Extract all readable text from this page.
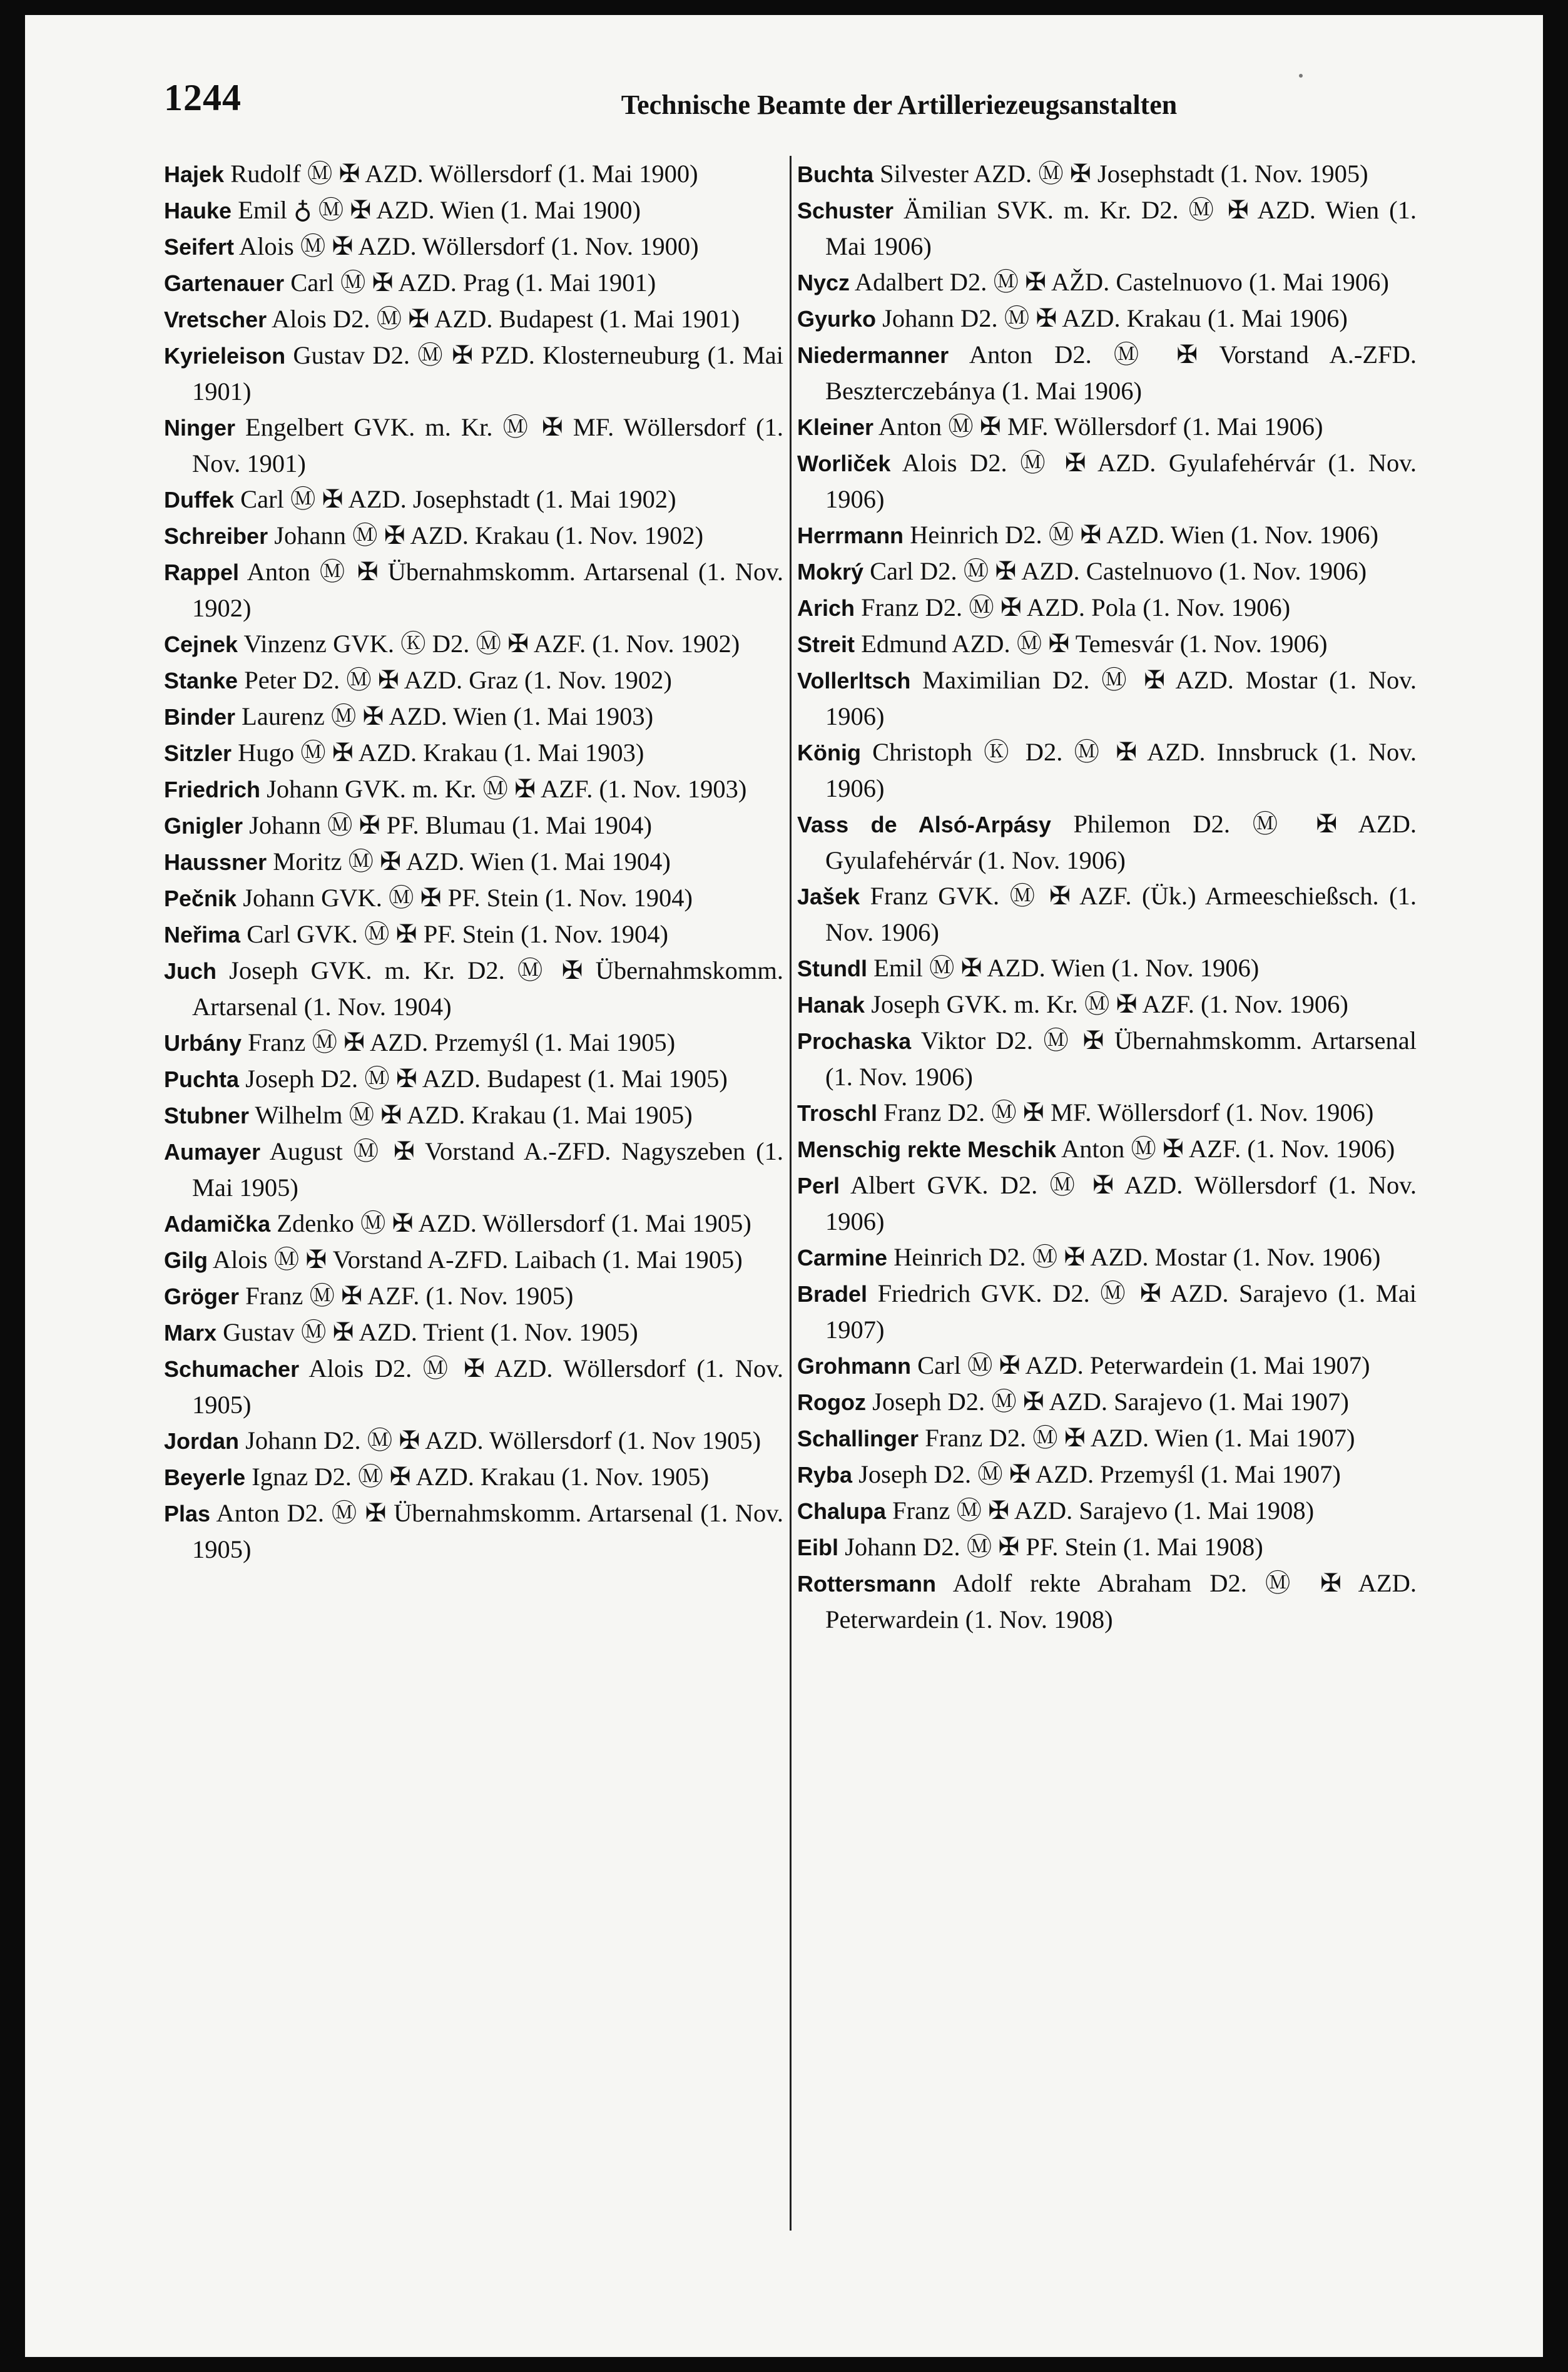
1244	Technische Beamte der Artilleriezeugsanstalten
Hajek Rudolf Ⓜ ✠ AZD. Wöllersdorf (1. Mai 1900)
Hauke Emil ♁ Ⓜ ✠ AZD. Wien (1. Mai 1900)
Seifert Alois Ⓜ ✠ AZD. Wöllersdorf (1. Nov. 1900)
Gartenauer Carl Ⓜ ✠ AZD. Prag (1. Mai 1901)
Vretscher Alois D2. Ⓜ ✠ AZD. Budapest (1. Mai 1901)
Kyrieleison Gustav D2. Ⓜ ✠ PZD. Klosterneuburg (1. Mai 1901)
Ninger Engelbert GVK. m. Kr. Ⓜ ✠ MF. Wöllersdorf (1. Nov. 1901)
Duffek Carl Ⓜ ✠ AZD. Josephstadt (1. Mai 1902)
Schreiber Johann Ⓜ ✠ AZD. Krakau (1. Nov. 1902)
Rappel Anton Ⓜ ✠ Übernahmskomm. Artarsenal (1. Nov. 1902)
Cejnek Vinzenz GVK. Ⓚ D2. Ⓜ ✠ AZF. (1. Nov. 1902)
Stanke Peter D2. Ⓜ ✠ AZD. Graz (1. Nov. 1902)
Binder Laurenz Ⓜ ✠ AZD. Wien (1. Mai 1903)
Sitzler Hugo Ⓜ ✠ AZD. Krakau (1. Mai 1903)
Friedrich Johann GVK. m. Kr. Ⓜ ✠ AZF. (1. Nov. 1903)
Gnigler Johann Ⓜ ✠ PF. Blumau (1. Mai 1904)
Haussner Moritz Ⓜ ✠ AZD. Wien (1. Mai 1904)
Pečnik Johann GVK. Ⓜ ✠ PF. Stein (1. Nov. 1904)
Neřima Carl GVK. Ⓜ ✠ PF. Stein (1. Nov. 1904)
Juch Joseph GVK. m. Kr. D2. Ⓜ ✠ Übernahmskomm. Artarsenal (1. Nov. 1904)
Urbány Franz Ⓜ ✠ AZD. Przemyśl (1. Mai 1905)
Puchta Joseph D2. Ⓜ ✠ AZD. Budapest (1. Mai 1905)
Stubner Wilhelm Ⓜ ✠ AZD. Krakau (1. Mai 1905)
Aumayer August Ⓜ ✠ Vorstand A.-ZFD. Nagyszeben (1. Mai 1905)
Adamička Zdenko Ⓜ ✠ AZD. Wöllersdorf (1. Mai 1905)
Gilg Alois Ⓜ ✠ Vorstand A-ZFD. Laibach (1. Mai 1905)
Gröger Franz Ⓜ ✠ AZF. (1. Nov. 1905)
Marx Gustav Ⓜ ✠ AZD. Trient (1. Nov. 1905)
Schumacher Alois D2. Ⓜ ✠ AZD. Wöllersdorf (1. Nov. 1905)
Jordan Johann D2. Ⓜ ✠ AZD. Wöllersdorf (1. Nov 1905)
Beyerle Ignaz D2. Ⓜ ✠ AZD. Krakau (1. Nov. 1905)
Plas Anton D2. Ⓜ ✠ Übernahmskomm. Artarsenal (1. Nov. 1905)
Buchta Silvester AZD. Ⓜ ✠ Josephstadt (1. Nov. 1905)
Schuster Ämilian SVK. m. Kr. D2. Ⓜ ✠ AZD. Wien (1. Mai 1906)
Nycz Adalbert D2. Ⓜ ✠ AŽD. Castelnuovo (1. Mai 1906)
Gyurko Johann D2. Ⓜ ✠ AZD. Krakau (1. Mai 1906)
Niedermanner Anton D2. Ⓜ ✠ Vorstand A.-ZFD. Beszterczebánya (1. Mai 1906)
Kleiner Anton Ⓜ ✠ MF. Wöllersdorf (1. Mai 1906)
Worliček Alois D2. Ⓜ ✠ AZD. Gyulafehérvár (1. Nov. 1906)
Herrmann Heinrich D2. Ⓜ ✠ AZD. Wien (1. Nov. 1906)
Mokrý Carl D2. Ⓜ ✠ AZD. Castelnuovo (1. Nov. 1906)
Arich Franz D2. Ⓜ ✠ AZD. Pola (1. Nov. 1906)
Streit Edmund AZD. Ⓜ ✠ Temesvár (1. Nov. 1906)
Vollerltsch Maximilian D2. Ⓜ ✠ AZD. Mostar (1. Nov. 1906)
König Christoph Ⓚ D2. Ⓜ ✠ AZD. Innsbruck (1. Nov. 1906)
Vass de Alsó-Arpásy Philemon D2. Ⓜ ✠ AZD. Gyulafehérvár (1. Nov. 1906)
Jašek Franz GVK. Ⓜ ✠ AZF. (Ük.) Armeeschießsch. (1. Nov. 1906)
Stundl Emil Ⓜ ✠ AZD. Wien (1. Nov. 1906)
Hanak Joseph GVK. m. Kr. Ⓜ ✠ AZF. (1. Nov. 1906)
Prochaska Viktor D2. Ⓜ ✠ Übernahmskomm. Artarsenal (1. Nov. 1906)
Troschl Franz D2. Ⓜ ✠ MF. Wöllersdorf (1. Nov. 1906)
Menschig rekte Meschik Anton Ⓜ ✠ AZF. (1. Nov. 1906)
Perl Albert GVK. D2. Ⓜ ✠ AZD. Wöllersdorf (1. Nov. 1906)
Carmine Heinrich D2. Ⓜ ✠ AZD. Mostar (1. Nov. 1906)
Bradel Friedrich GVK. D2. Ⓜ ✠ AZD. Sarajevo (1. Mai 1907)
Grohmann Carl Ⓜ ✠ AZD. Peterwardein (1. Mai 1907)
Rogoz Joseph D2. Ⓜ ✠ AZD. Sarajevo (1. Mai 1907)
Schallinger Franz D2. Ⓜ ✠ AZD. Wien (1. Mai 1907)
Ryba Joseph D2. Ⓜ ✠ AZD. Przemyśl (1. Mai 1907)
Chalupa Franz Ⓜ ✠ AZD. Sarajevo (1. Mai 1908)
Eibl Johann D2. Ⓜ ✠ PF. Stein (1. Mai 1908)
Rottersmann Adolf rekte Abraham D2. Ⓜ ✠ AZD. Peterwardein (1. Nov. 1908)
